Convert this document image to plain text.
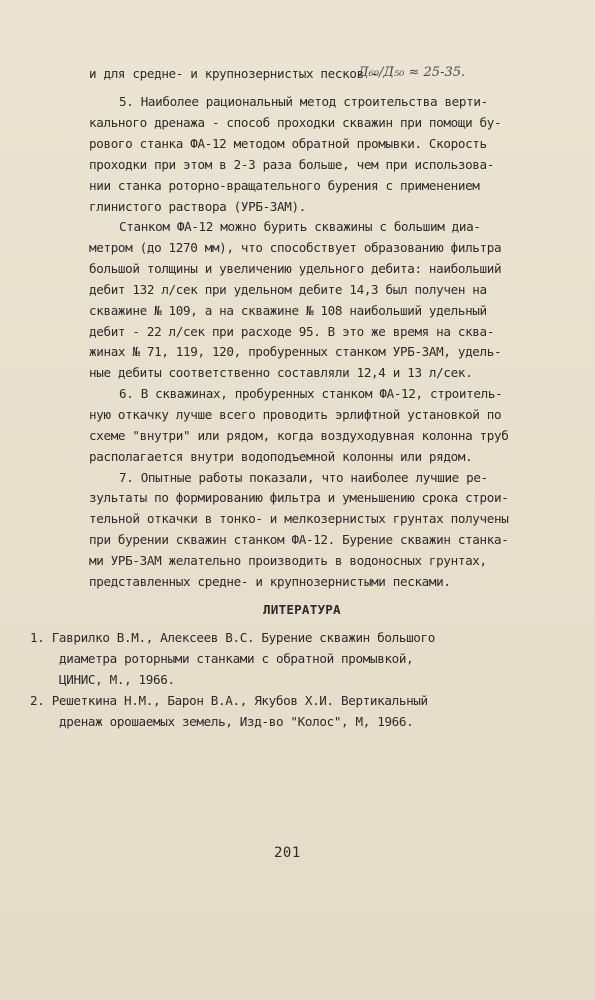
и для средне- и крупнозернистых песков -
Д₆₀/Д₅₀ ≈ 25-35.
5. Наиболее рациональный метод строительства верти-
кального дренажа - способ проходки скважин при помощи бу-
рового станка ФА-12 методом обратной промывки. Скорость
проходки при этом в 2-3 раза больше, чем при использова-
нии станка роторно-вращательного бурения с применением
глинистого раствора (УРБ-3АМ).
Станком ФА-12 можно бурить скважины с большим диа-
метром (до 1270 мм), что способствует образованию фильтра
большой толщины и увеличению удельного дебита: наибольший
дебит 132 л/сек при удельном дебите 14,3 был получен на
скважине № 109, а на скважине № 108 наибольший удельный
дебит - 22 л/сек при расходе 95. В это же время на сква-
жинах № 71, 119, 120, пробуренных станком УРБ-3АМ, удель-
ные дебиты соответственно составляли 12,4 и 13 л/сек.
6. В скважинах, пробуренных станком ФА-12, строитель-
ную откачку лучше всего проводить эрлифтной установкой по
схеме "внутри" или рядом, когда воздуходувная колонна труб
располагается внутри водоподъемной колонны или рядом.
7. Опытные работы показали, что наиболее лучшие ре-
зультаты по формированию фильтра и уменьшению срока строи-
тельной откачки в тонко- и мелкозернистых грунтах получены
при бурении скважин станком ФА-12. Бурение скважин станка-
ми УРБ-3АМ желательно производить в водоносных грунтах,
представленных средне- и крупнозернистыми песками.
ЛИТЕРАТУРА
1. Гаврилко В.М., Алексеев В.С. Бурение скважин большого
диаметра роторными станками с обратной промывкой,
ЦИНИС, М., 1966.
2. Решеткина Н.М., Барон В.А., Якубов Х.И. Вертикальный
дренаж орошаемых земель, Изд-во "Колос", М, 1966.
201
